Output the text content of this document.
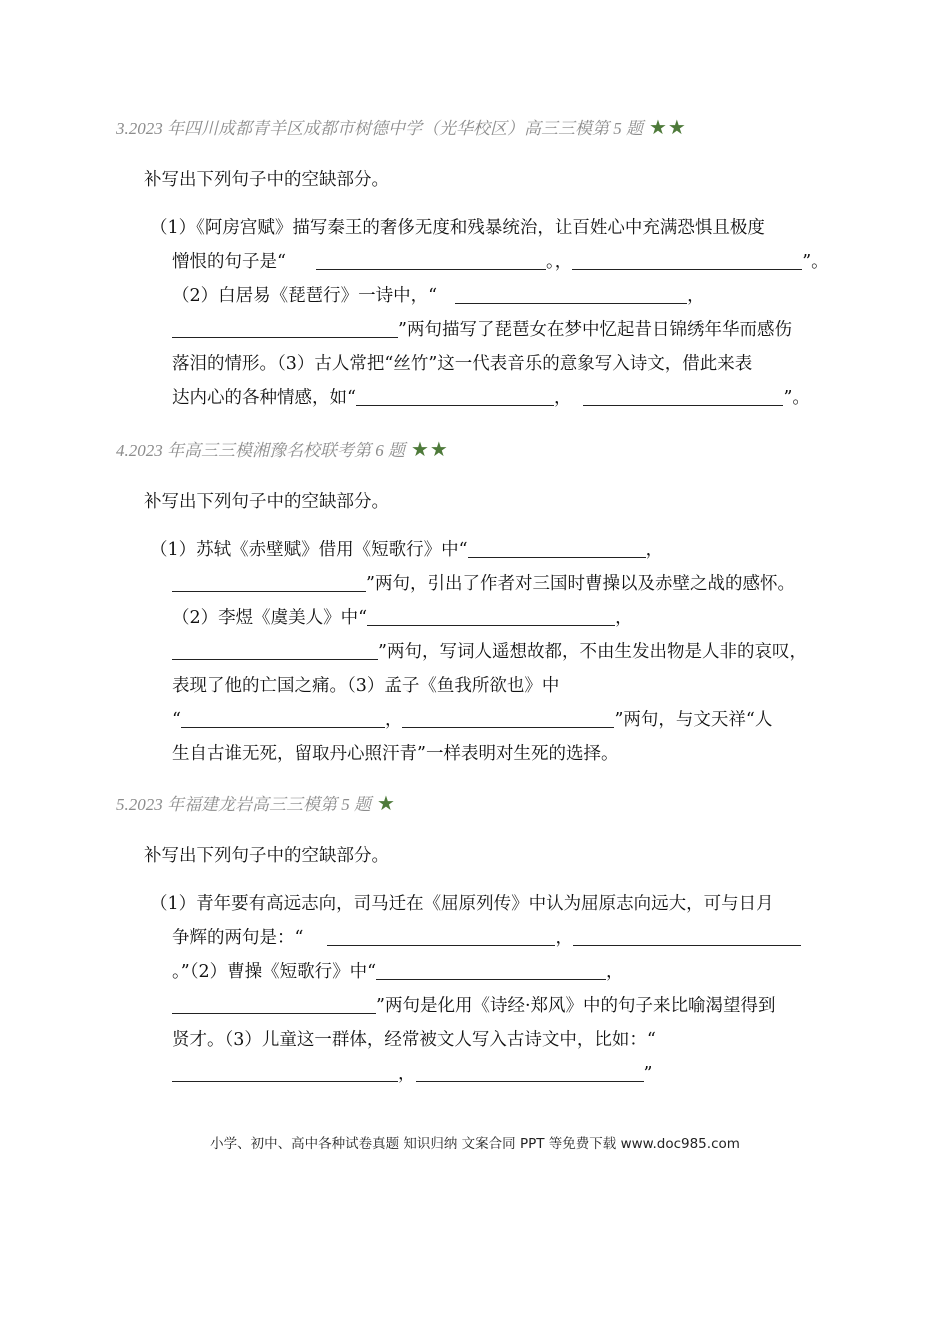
3.2023 年四川成都青羊区成都市树德中学（光华校区）高三三模第 5 题 ★★
补写出下列句子中的空缺部分。
（1）《阿房宫赋》描写秦王的奢侈无度和残暴统治，让百姓心中充满恐惧且极度
憎恨的句子是“	。，	”。
（2）白居易《琵琶行》一诗中，“	，
”两句描写了琵琶女在梦中忆起昔日锦绣年华而感伤
落泪的情形。（3）古人常把“丝竹”这一代表音乐的意象写入诗文，借此来表
达内心的各种情感，如“	，	”。
4.2023 年高三三模湘豫名校联考第 6 题 ★★
补写出下列句子中的空缺部分。
（1）苏轼《赤壁赋》借用《短歌行》中“	，
”两句，引出了作者对三国时曹操以及赤壁之战的感怀。
（2）李煜《虞美人》中“	，
”两句，写词人遥想故都，不由生发出物是人非的哀叹，
表现了他的亡国之痛。（3）孟子《鱼我所欲也》中
“	，	”两句，与文天祥“人
生自古谁无死，留取丹心照汗青”一样表明对生死的选择。
5.2023 年福建龙岩高三三模第 5 题 ★
补写出下列句子中的空缺部分。
（1）青年要有高远志向，司马迁在《屈原列传》中认为屈原志向远大，可与日月
争辉的两句是：“	，
。”（2）曹操《短歌行》中“	，
”两句是化用《诗经·郑风》中的句子来比喻渴望得到
贤才。（3）儿童这一群体，经常被文人写入古诗文中，比如：“
，	”
小学、初中、高中各种试卷真题 知识归纳 文案合同 PPT 等免费下载 www.doc985.com
